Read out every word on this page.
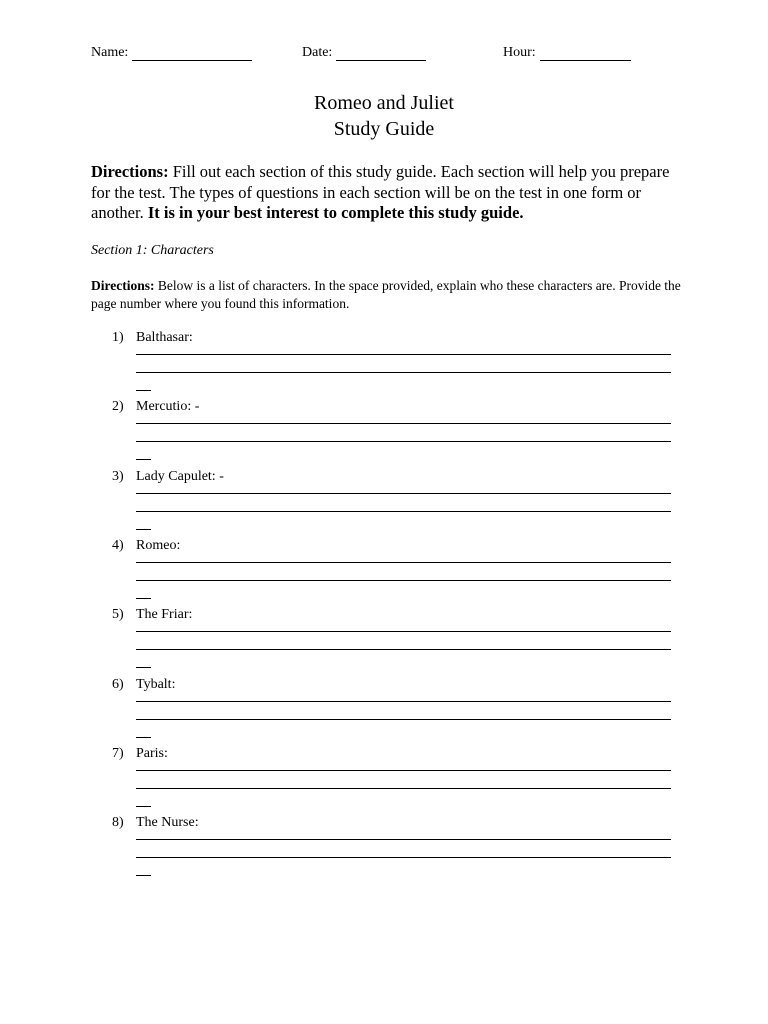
Name:	Date:	Hour:
Romeo and Juliet
Study Guide
Directions: Fill out each section of this study guide. Each section will help you prepare for the test. The types of questions in each section will be on the test in one form or another. It is in your best interest to complete this study guide.
Section 1: Characters
Directions: Below is a list of characters. In the space provided, explain who these characters are. Provide the page number where you found this information.
1) Balthasar:
2) Mercutio: -
3) Lady Capulet: -
4) Romeo:
5) The Friar:
6) Tybalt:
7) Paris:
8) The Nurse:
